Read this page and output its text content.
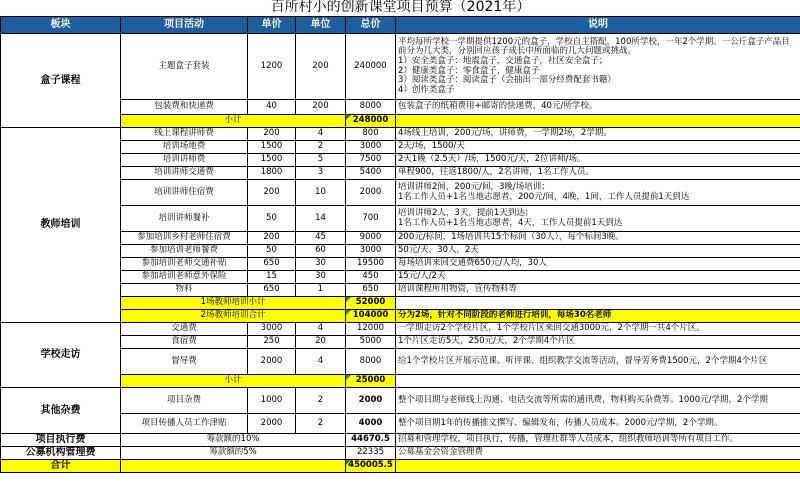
百所村小的创新课堂项目预算（2021年）					
板块	项目活动	单价	单位	总价	说明
盒子课程	主题盒子套装	1200	200	240000	平均每所学校一学期提供1200元的盒子，学校自主搭配，100所学校，一年2个学期。一公斤盒子产品目前分为几大类，分别回应孩子成长中所面临的几大问题或挑战。
1）安全类盒子：地震盒子，交通盒子，社区安全盒子；
2）健康类盒子：零食盒子，健康盒子
3）阅读类盒子：阅读盒子（会抽出一部分经费配套书籍）
4）创作类盒子
	包装费和快递费	40	200	8000	包装盒子的纸箱费用+邮寄的快递费，40元/所学校。
	小计			248000	
教师培训	线上课程讲师费	200	4	800	4场线上培训，200元/场，讲师费，一学期2场，2学期。
	培训场地费	1500	2	3000	2天/场，1500/天
	培训讲师费	1500	5	7500	2天1晚（2.5天）/场，1500元/天，2位讲师/场。
	培训讲师交通费	1800	3	5400	单程900，往返1800/人，2名讲师，1名工作人员。
	培训讲师住宿费	200	10	2000	培训讲师2间，200元/间，3晚/场培训；
1名工作人员+1名当地志愿者，200元/间，4晚，1间，工作人员提前1天到达
	培训讲师餐补	50	14	700	培训讲师2人，3天，提前1天到达；
1名工作人员+1名当地志愿者，4天，工作人员提前1天到达
	参加培训乡村老师住宿费	200	45	9000	200元/标间，1场培训共15个标间（30人），每个标间3晚。
	参加培训老师餐费	50	60	3000	50元/天，30人，2天
	参加培训老师交通补贴	650	30	19500	每场培训来回交通费650元/人均，30人
	参加培训老师意外保险	15	30	450	15元/人/2天
	物料	650	1	650	培训课程所用物资，宣传物料等
	1场教师培训小计			52000	
	2场教师培训合计			104000	分为2场，针对不同阶段的老师进行培训，每场30名老师
学校走访	交通费	3000	4	12000	一学期走访2个学校片区，1个学校片区来回交通3000元，2个学期一共4个片区。
	食宿费	250	20	5000	1个片区走访5天，250元/天，2个学期4个片区
	督导费	2000	4	8000	给1个学校片区开展示范课、听评课、组织教学交流等活动，督导劳务费1500元，2个学期4个片区
	小计			25000	
其他杂费	项目杂费	1000	2	2000	整个项目期与老师线上沟通、电话交流等所需的通讯费，物料购买杂费等。1000元/学期，2个学期
	项目传播人员工作津贴	2000	2	4000	整个项目期1年的传播推文撰写、编辑发布，传播人员成本。2000元/学期，2个学期。
项目执行费	筹款额的10%			44670.5	招募和管理学校，项目执行，传播，管理社群等人员成本，组织教师培训等所有项目工作。
公募机构管理费	筹款额的5%			22335	公募基金会资金管理费
合计				450005.5	
